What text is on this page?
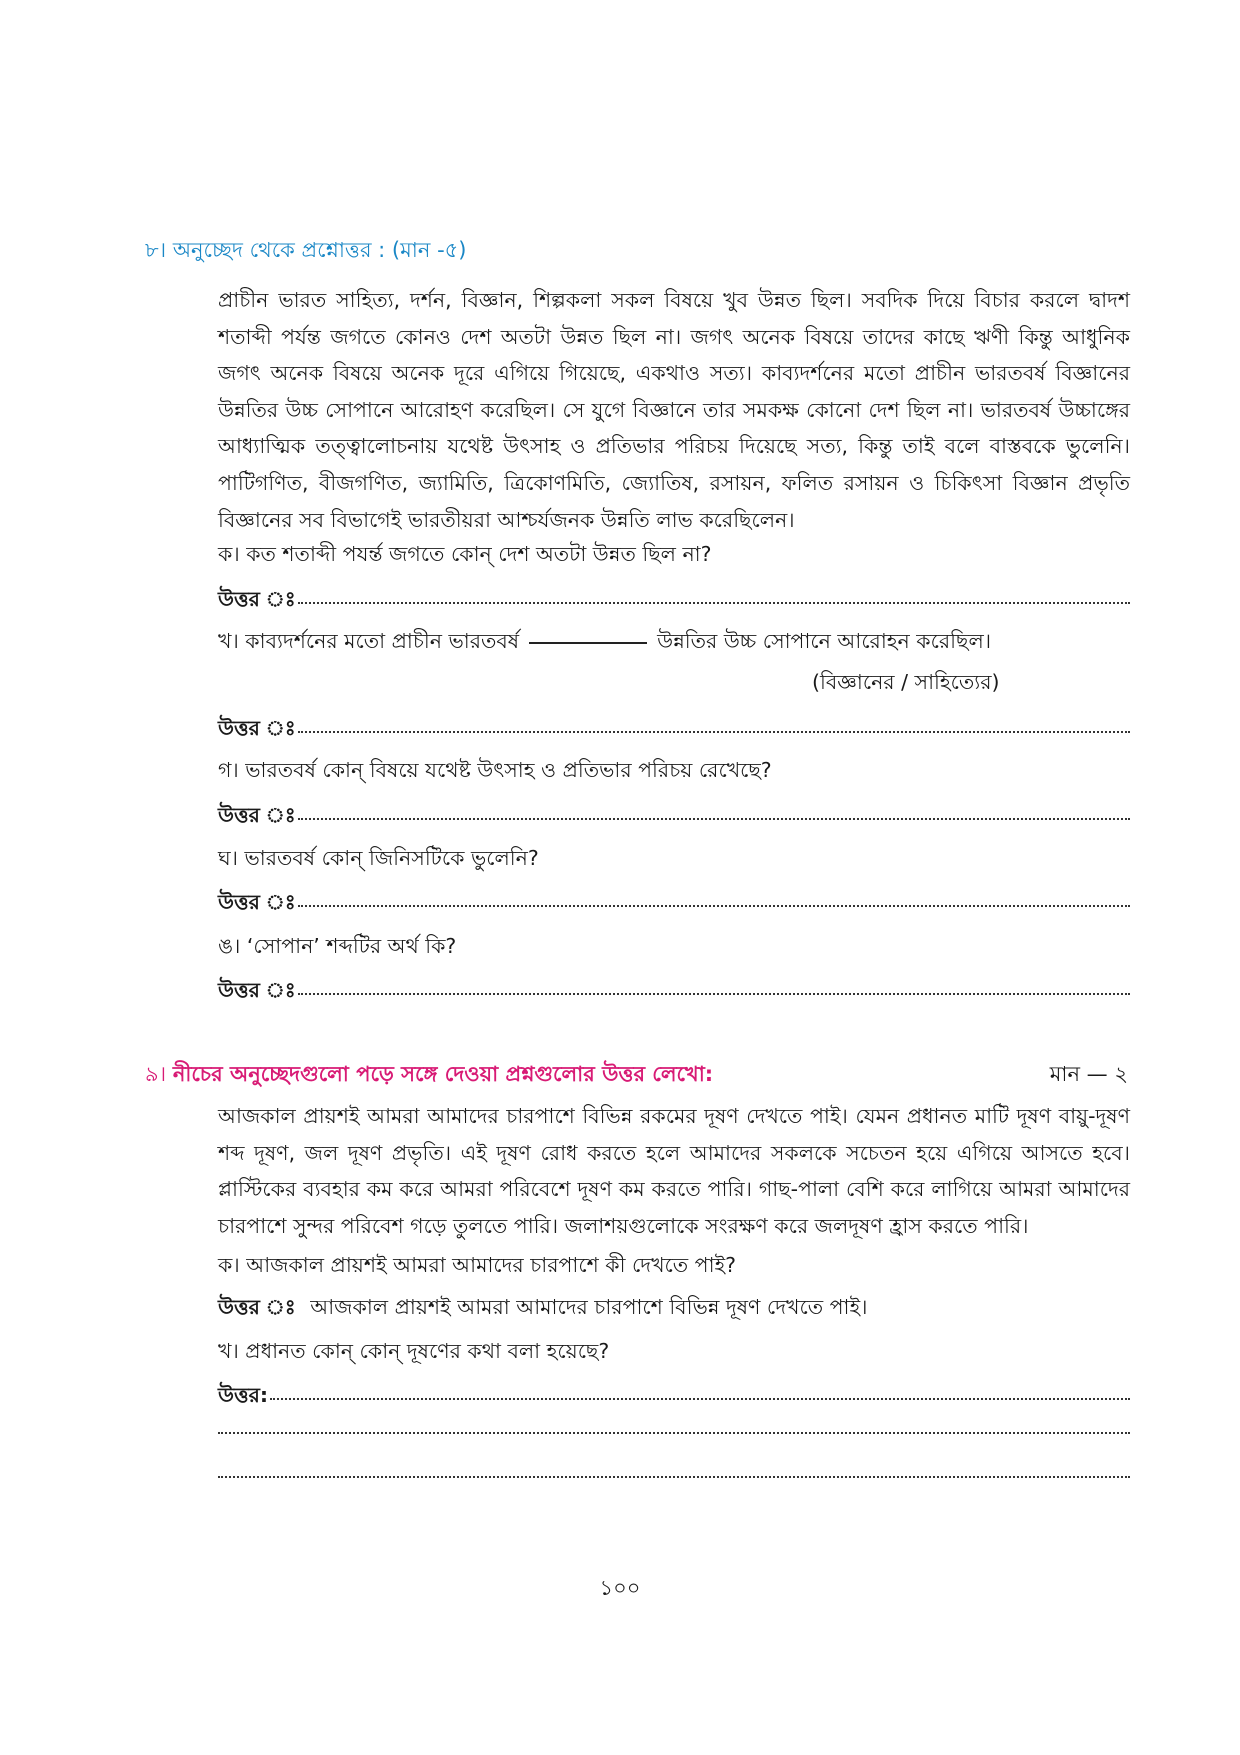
৮। অনুচ্ছেদ থেকে প্রশ্নোত্তর : (মান -৫)

প্রাচীন ভারত সাহিত্য, দর্শন, বিজ্ঞান, শিল্পকলা সকল বিষয়ে খুব উন্নত ছিল। সবদিক দিয়ে বিচার করলে দ্বাদশ শতাব্দী পর্যন্ত জগতে কোনও দেশ অতটা উন্নত ছিল না। জগৎ অনেক বিষয়ে তাদের কাছে ঋণী কিন্তু আধুনিক জগৎ অনেক বিষয়ে অনেক দূরে এগিয়ে গিয়েছে, একথাও সত্য। কাব্যদর্শনের মতো প্রাচীন ভারতবর্ষ বিজ্ঞানের উন্নতির উচ্চ সোপানে আরোহণ করেছিল। সে যুগে বিজ্ঞানে তার সমকক্ষ কোনো দেশ ছিল না। ভারতবর্ষ উচ্চাঙ্গের আধ্যাত্মিক তত্ত্বালোচনায় যথেষ্ট উৎসাহ ও প্রতিভার পরিচয় দিয়েছে সত্য, কিন্তু তাই বলে বাস্তবকে ভুলেনি। পাটিগণিত, বীজগণিত, জ্যামিতি, ত্রিকোণমিতি, জ্যোতিষ, রসায়ন, ফলিত রসায়ন ও চিকিৎসা বিজ্ঞান প্রভৃতি বিজ্ঞানের সব বিভাগেই ভারতীয়রা আশ্চর্যজনক উন্নতি লাভ করেছিলেন।

ক। কত শতাব্দী পযর্ন্ত জগতে কোন্ দেশ অতটা উন্নত ছিল না?
উত্তর ঃ
খ। কাব্যদর্শনের মতো প্রাচীন ভারতবর্ষ	উন্নতির উচ্চ সোপানে আরোহন করেছিল।
(বিজ্ঞানের / সাহিত্যের)
উত্তর ঃ
গ। ভারতবর্ষ কোন্ বিষয়ে যথেষ্ট উৎসাহ ও প্রতিভার পরিচয় রেখেছে?
উত্তর ঃ
ঘ। ভারতবর্ষ কোন্ জিনিসটিকে ভুলেনি?
উত্তর ঃ
ঙ। ‘সোপান’ শব্দটির অর্থ কি?
উত্তর ঃ
৯। নীচের অনুচ্ছেদগুলো পড়ে সঙ্গে দেওয়া প্রশ্নগুলোর উত্তর লেখো:	মান — ২

আজকাল প্রায়শই আমরা আমাদের চারপাশে বিভিন্ন রকমের দূষণ দেখতে পাই। যেমন প্রধানত মাটি দূষণ বায়ু-দূষণ শব্দ দূষণ, জল দূষণ প্রভৃতি। এই দূষণ রোধ করতে হলে আমাদের সকলকে সচেতন হয়ে এগিয়ে আসতে হবে। প্লাস্টিকের ব্যবহার কম করে আমরা পরিবেশে দূষণ কম করতে পারি। গাছ-পালা বেশি করে লাগিয়ে আমরা আমাদের চারপাশে সুন্দর পরিবেশ গড়ে তুলতে পারি। জলাশয়গুলোকে সংরক্ষণ করে জলদূষণ হ্রাস করতে পারি।

ক। আজকাল প্রায়শই আমরা আমাদের চারপাশে কী দেখতে পাই?
উত্তর ঃ আজকাল প্রায়শই আমরা আমাদের চারপাশে বিভিন্ন দূষণ দেখতে পাই।
খ। প্রধানত কোন্ কোন্ দূষণের কথা বলা হয়েছে?
উত্তর:
১০০
